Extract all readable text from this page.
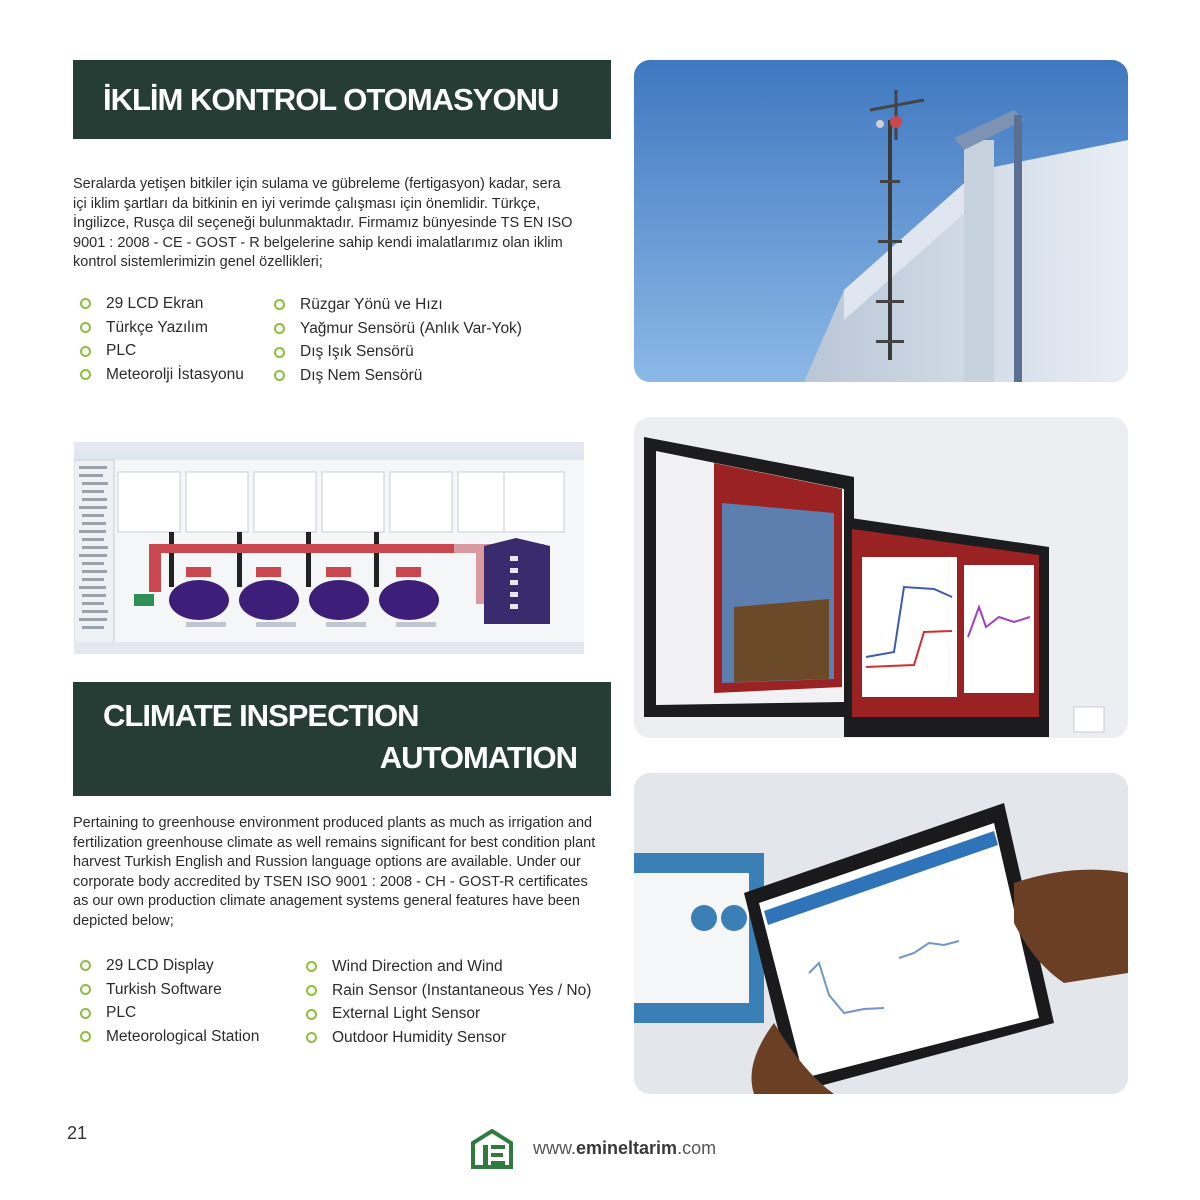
İKLİM KONTROL OTOMASYONU

Seralarda yetişen bitkiler için sulama ve gübreleme (fertigasyon) kadar, sera içi iklim şartları da bitkinin en iyi verimde çalışması için önemlidir. Türkçe, İngilizce, Rusça dil seçeneği bulunmaktadır. Firmamız bünyesinde TS EN ISO 9001 : 2008 - CE - GOST - R belgelerine sahip kendi imalatlarımız olan iklim kontrol sistemlerimizin genel özellikleri;

29 LCD Ekran
Türkçe Yazılım
PLC
Meteorolji İstasyonu
Rüzgar Yönü ve Hızı
Yağmur Sensörü (Anlık Var-Yok)
Dış Işık Sensörü
Dış Nem Sensörü
CLIMATE INSPECTION
AUTOMATION

Pertaining to greenhouse environment produced plants as much as irrigation and fertilization greenhouse climate as well remains significant for best condition plant harvest Turkish English and Russion language options are available. Under our corporate body accredited by TSEN ISO 9001 : 2008 - CH - GOST-R certificates as our own production climate anagement systems general features have been depicted below;

29 LCD Display
Turkish Software
PLC
Meteorological Station
Wind Direction and Wind
Rain Sensor (Instantaneous Yes / No)
External Light Sensor
Outdoor Humidity Sensor
21
www.emineltarim.com
